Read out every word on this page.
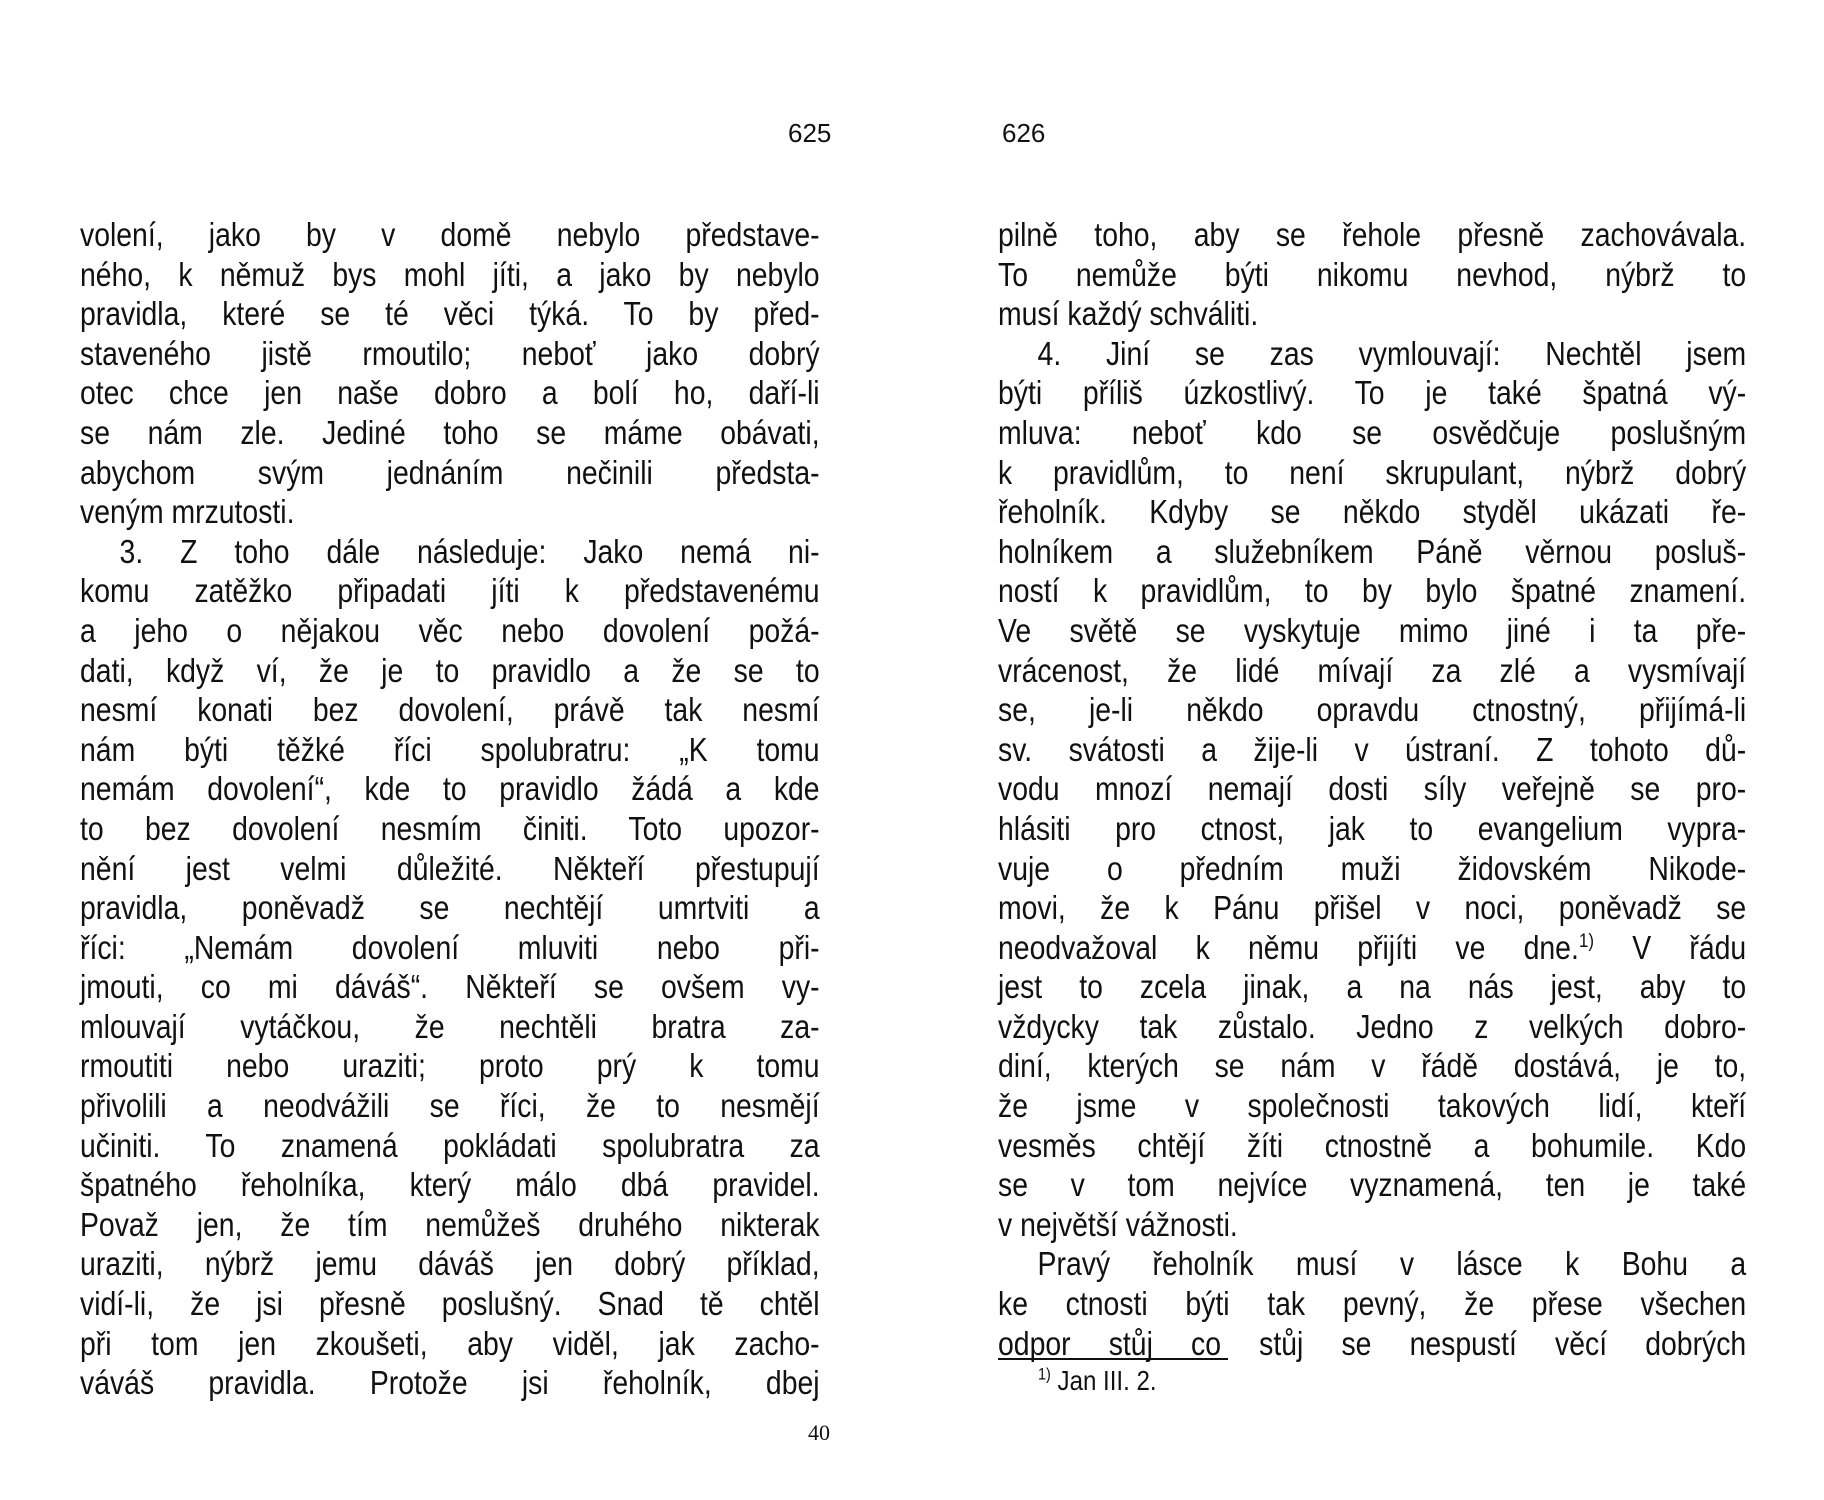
625
volení, jako by v domě nebylo představe-
ného, k němuž bys mohl jíti, a jako by nebylo
pravidla, které se té věci týká. To by před-
staveného jistě rmoutilo; neboť jako dobrý
otec chce jen naše dobro a bolí ho, daří-li
se nám zle. Jediné toho se máme obávati,
abychom svým jednáním nečinili předsta-
veným mrzutosti.
3. Z toho dále následuje: Jako nemá ni-
komu zatěžko připadati jíti k představenému
a jeho o nějakou věc nebo dovolení požá-
dati, když ví, že je to pravidlo a že se to
nesmí konati bez dovolení, právě tak nesmí
nám býti těžké říci spolubratru: „K tomu
nemám dovolení“, kde to pravidlo žádá a kde
to bez dovolení nesmím činiti. Toto upozor-
nění jest velmi důležité. Někteří přestupují
pravidla, poněvadž se nechtějí umrtviti a
říci: „Nemám dovolení mluviti nebo při-
jmouti, co mi dáváš“. Někteří se ovšem vy-
mlouvají vytáčkou, že nechtěli bratra za-
rmoutiti nebo uraziti; proto prý k tomu
přivolili a neodvážili se říci, že to nesmějí
učiniti. To znamená pokládati spolubratra za
špatného řeholníka, který málo dbá pravidel.
Považ jen, že tím nemůžeš druhého nikterak
uraziti, nýbrž jemu dáváš jen dobrý příklad,
vidí-li, že jsi přesně poslušný. Snad tě chtěl
při tom jen zkoušeti, aby viděl, jak zacho-
váváš pravidla. Protože jsi řeholník, dbej
40
626
pilně toho, aby se řehole přesně zachovávala.
To nemůže býti nikomu nevhod, nýbrž to
musí každý schváliti.
4. Jiní se zas vymlouvají: Nechtěl jsem
býti příliš úzkostlivý. To je také špatná vý-
mluva: neboť kdo se osvědčuje poslušným
k pravidlům, to není skrupulant, nýbrž dobrý
řeholník. Kdyby se někdo styděl ukázati ře-
holníkem a služebníkem Páně věrnou posluš-
ností k pravidlům, to by bylo špatné znamení.
Ve světě se vyskytuje mimo jiné i ta pře-
vrácenost, že lidé mívají za zlé a vysmívají
se, je-li někdo opravdu ctnostný, přijímá-li
sv. svátosti a žije-li v ústraní. Z tohoto dů-
vodu mnozí nemají dosti síly veřejně se pro-
hlásiti pro ctnost, jak to evangelium vypra-
vuje o předním muži židovském Nikode-
movi, že k Pánu přišel v noci, poněvadž se
neodvažoval k němu přijíti ve dne.$^{1)}$ V řádu
jest to zcela jinak, a na nás jest, aby to
vždycky tak zůstalo. Jedno z velkých dobro-
diní, kterých se nám v řádě dostává, je to,
že jsme v společnosti takových lidí, kteří
vesměs chtějí žíti ctnostně a bohumile. Kdo
se v tom nejvíce vyznamená, ten je také
v největší vážnosti.
Pravý řeholník musí v lásce k Bohu a
ke ctnosti býti tak pevný, že přese všechen
odpor stůj co stůj se nespustí věcí dobrých
$^{1)}$ Jan III. 2.
